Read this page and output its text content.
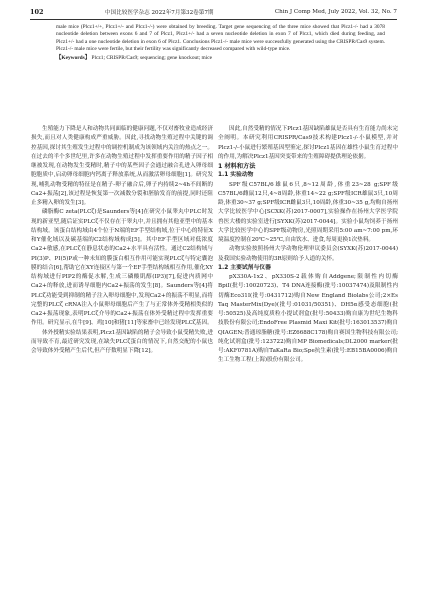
102	中国比较医学杂志 2022年7月第32卷第7期	Chin J Comp Med, July 2022, Vol. 32, No. 7

male mice (Plcz1+/+, Plcz1+/- and Plcz1-/-) were obtained by breeding. Target gene sequencing of the three mice showed that Plcz1-/- had a 3078 nucleotide deletion between exons 6 and 7 of Plcz1, Plcz1+/- had a seven nucleotide deletion in exon 7 of Plcz1, which died during feeding, and Plcz1+/- had a one nucleotide deletion in exon 6 of Plcz1. Conclusions Plcz1-/- male mice were successfully generated using the CRISPR/Cas9 system. Plcz1-/- male mice were fertile, but their fertility was significantly decreased compared with wild-type mice.

【Keywords】 Plcz1; CRISPR/Cas9; sequencing; gene knockout; mice

生殖能力下降是人和动物共同面临的健康问题,不仅对畜牧业造成经济损失,而且对人类健康构成严重威胁。因此,寻找动物生殖过程中关键的调控基因,探讨其生殖发生过程中的调控机制成为该领域内关注的热点之一。在过去的半个多世纪里,许多在动物生殖过程中发挥重要作用的精子因子相继被发现,在动物发生受精时,精子中的某些因子会通过融合孔进入卵母细胞胞质中,启动卵母细胞内钙离子释放系统,从而激活卵母细胞[1]。研究发现,哺乳动物受精的特征是在精子-卵子融合后,卵子内持续2~4h不间断的Ca2+振荡[2],该过程是恢复第一次减数分裂和胚胎发育的前提,同时还阻止多精入卵的发生[3]。

磷脂酶C zeta(PLCζ)是Saunders等[4]在研究小鼠睾丸中PLC时发现的新亚型,随后证实PLCζ不仅存在于睾丸中,并且拥有其他亚型中的基本结构域。该蛋白结构域由4个位于N端的EF手型结构域,位于中心的特征X和Y催化域以及碳基端的C2结构域构成[5]。其中EF手型区域对低浓度Ca2+敏感,在PLCζ在静息状态的Ca2+水平具有活性。通过C2结构域与PI(3)P、PI(5)P或一种未知的膜蛋白相互作用可能实现PLCζ与特定囊泡膜的结合[6],帮助它在XY连接区与第一个EF手型结构域相互作用,催化XY结构域进行PIP2的酶促水解,生成三磷酸肌醇(IP3)[7],促进内质网中Ca2+的释放,进而诱导细胞内Ca2+振荡的发生[8]。Saunders等[4]将PLCζ功能受到抑制的精子注入卵母细胞中,发现Ca2+的振荡不明显,而将完整的PLCζ cRNA注入小鼠卵母细胞后产生了与正常体外受精相类似的Ca2+振荡现象,表明PLCζ介导的Ca2+振荡在体外受精过程中发挥重要作用。研究显示,在牛[9]、鸡[10]和猪[11]等家畜中已经发现PLCζ基因。

体外授精实验结果表明,Plcz1基因缺陷的精子会导致小鼠受精失败,进而导致不育,最近研究发现,在缺失PLCζ蛋白的情况下,自然交配的小鼠也会导致体外受精产生后代,但产仔数明显下降[12]。

因此,自然受精的情况下Plcz1基因缺陷雄鼠是否具有生育能力尚未完全阐明。本研究利用CRISPR/Cas9技术构建Plcz1-/-小鼠模型,并对Plcz1-/-小鼠进行繁殖基因型鉴定,探讨Plcz1基因在雄性小鼠生育过程中的作用,为解决Plcz1基因突变带来的生殖障碍提供理论依据。

1 材料和方法

1.1 实验动物

SPF级C57BL/6雄鼠6只,8~12周龄,体重23~28 g;SPF级C57BL/6雌鼠12只,4~8周龄,体重14~22 g;SPF级ICR雄鼠3只,10周龄,体重30~37 g;SPF级ICR雌鼠3只,10周龄,体重30~35 g,均购自扬州大学比较医学中心[SCXK(苏)2017-0007],实验操作在扬州大学医学院兽医大楼的实验室进行[SYXK(苏)2017-0044]。实验小鼠均饲养于扬州大学比较医学中心的SPF级动物房,光照周期采用5:00 am~7:00 pm,环境温度控制在20℃~25℃,自由饮水、进食,每周更换1次垫料。

动物实验按照扬州大学动物伦理审议委员会(SYXK(苏)2017-0044)及我国实验动物使用的3R原则给予人道的关怀。

1.2 主要试剂与仪器

pX330A-1x2、pX330S-2载体购自Addgene;限制性内切酶BpiI(批号:10020723)、T4 DNA连接酶(批号:10037474)及限制性内切酶Eco31I(批号:0431712)购自New England Biolabs公司;2×Es Taq MasterMix(Dye)(批号:01031/50351)、DH5α感受态细胞(批号:50525)及高纯度质粒小提试剂盒(批号:50433)购自康为世纪生物科技股份有限公司;EndoFree Plasmid Maxi Kit(批号:163013537)购自QIAGEN;普通琼脂糖(批号:EZ6688C178)购自赛国生物科技有限公司;纯化试剂盒(批号:123722)购自MP Biomedicals;DL2000 marker(批号:AKF0781A)购自TaKaRa Bio;Spe抗生素(批号:EB15BA0006)购自生工生物工程(上海)股份有限公司。
